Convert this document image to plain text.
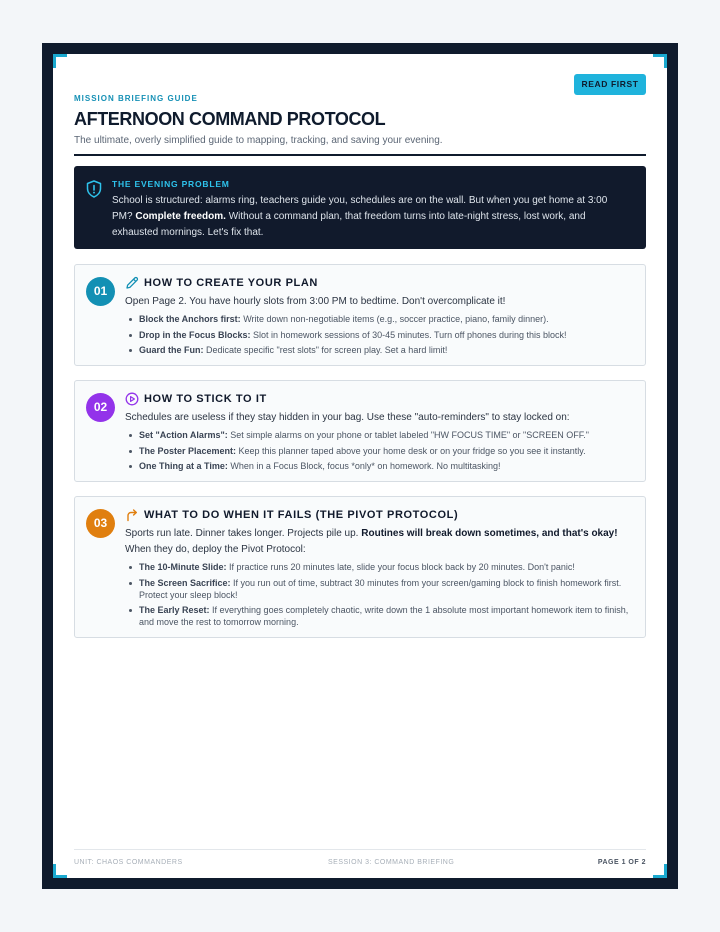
MISSION BRIEFING GUIDE
READ FIRST
AFTERNOON COMMAND PROTOCOL

The ultimate, overly simplified guide to mapping, tracking, and saving your evening.

THE EVENING PROBLEM

School is structured: alarms ring, teachers guide you, schedules are on the wall. But when you get home at 3:00 PM? Complete freedom. Without a command plan, that freedom turns into late-night stress, lost work, and exhausted mornings. Let's fix that.

01
HOW TO CREATE YOUR PLAN

Open Page 2. You have hourly slots from 3:00 PM to bedtime. Don't overcomplicate it!

Block the Anchors first: Write down non-negotiable items (e.g., soccer practice, piano, family dinner).
Drop in the Focus Blocks: Slot in homework sessions of 30-45 minutes. Turn off phones during this block!
Guard the Fun: Dedicate specific "rest slots" for screen play. Set a hard limit!
02
HOW TO STICK TO IT

Schedules are useless if they stay hidden in your bag. Use these "auto-reminders" to stay locked on:

Set "Action Alarms": Set simple alarms on your phone or tablet labeled "HW FOCUS TIME" or "SCREEN OFF."
The Poster Placement: Keep this planner taped above your home desk or on your fridge so you see it instantly.
One Thing at a Time: When in a Focus Block, focus *only* on homework. No multitasking!
03
WHAT TO DO WHEN IT FAILS (THE PIVOT PROTOCOL)

Sports run late. Dinner takes longer. Projects pile up. Routines will break down sometimes, and that's okay!
When they do, deploy the Pivot Protocol:

The 10-Minute Slide: If practice runs 20 minutes late, slide your focus block back by 20 minutes. Don't panic!
The Screen Sacrifice: If you run out of time, subtract 30 minutes from your screen/gaming block to finish homework first. Protect your sleep block!
The Early Reset: If everything goes completely chaotic, write down the 1 absolute most important homework item to finish, and move the rest to tomorrow morning.
UNIT: CHAOS COMMANDERS	SESSION 3: COMMAND BRIEFING	PAGE 1 OF 2
